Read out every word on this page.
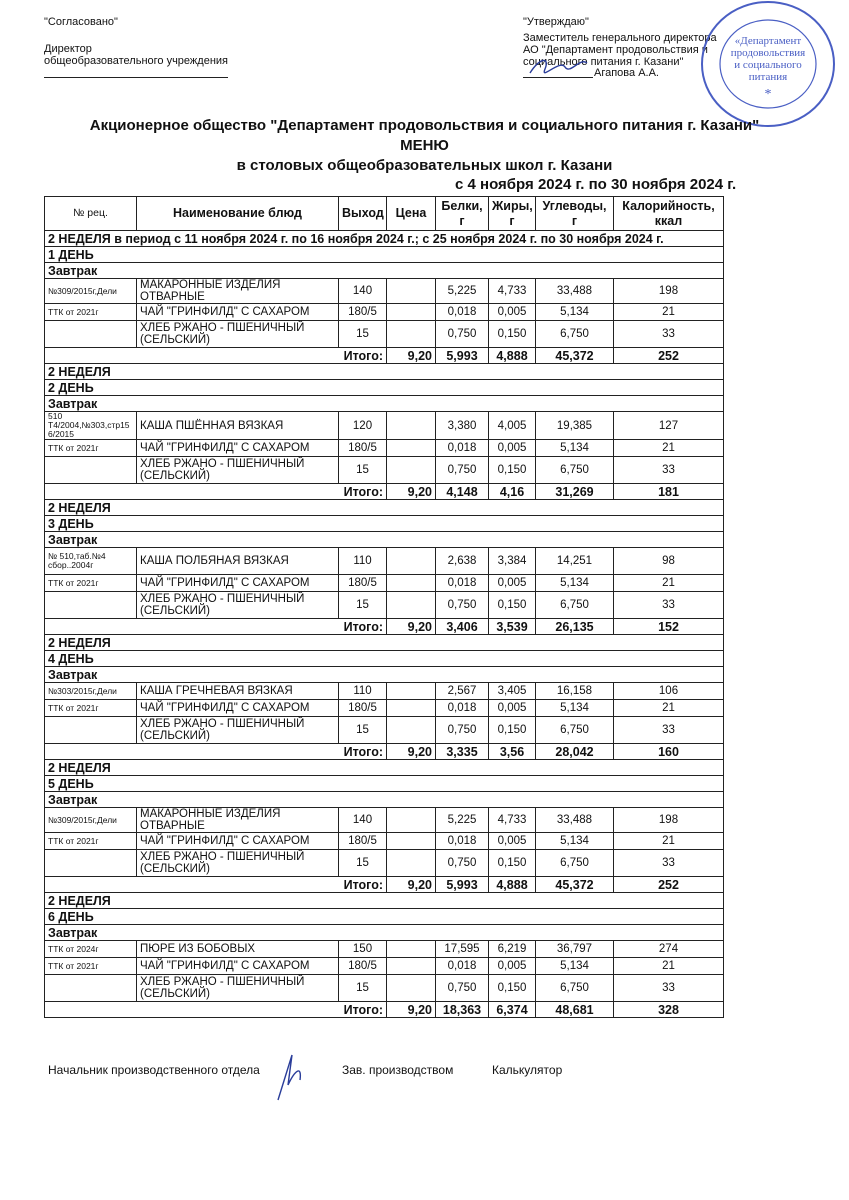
"Согласовано"
Директор
общеобразовательного учреждения
"Утверждаю"
Заместитель генерального директора
АО "Департамент продовольствия и
социального питания г. Казани"
Агапова А.А.
«Департамент
продовольствия
и социального
питания
*
Акционерное общество "Департамент продовольствия и социального питания г. Казани"
МЕНЮ
в столовых общеобразовательных школ г. Казани
с 4 ноября 2024 г. по 30 ноября 2024 г.
№ рец.	Наименование блюд	Выход	Цена	Белки, г	Жиры, г	Углеводы, г	Калорийность, ккал
2 НЕДЕЛЯ в период с 11 ноября 2024 г. по 16 ноября 2024 г.; с 25 ноября 2024 г. по 30 ноября 2024 г.							
1 ДЕНЬ							
Завтрак							
№309/2015г,Дели	МАКАРОННЫЕ ИЗДЕЛИЯ ОТВАРНЫЕ	140		5,225	4,733	33,488	198
ТТК от 2021г	ЧАЙ "ГРИНФИЛД" С САХАРОМ	180/5		0,018	0,005	5,134	21
	ХЛЕБ РЖАНО - ПШЕНИЧНЫЙ (СЕЛЬСКИЙ)	15		0,750	0,150	6,750	33
Итого:			9,20	5,993	4,888	45,372	252
2 НЕДЕЛЯ							
2 ДЕНЬ							
Завтрак							
510 Т4/2004,№303,стр15 6/2015	КАША ПШЁННАЯ ВЯЗКАЯ	120		3,380	4,005	19,385	127
ТТК от 2021г	ЧАЙ "ГРИНФИЛД" С САХАРОМ	180/5		0,018	0,005	5,134	21
	ХЛЕБ РЖАНО - ПШЕНИЧНЫЙ (СЕЛЬСКИЙ)	15		0,750	0,150	6,750	33
Итого:			9,20	4,148	4,16	31,269	181
2 НЕДЕЛЯ							
3 ДЕНЬ							
Завтрак							
№ 510,таб.№4 сбор..2004г	КАША ПОЛБЯНАЯ ВЯЗКАЯ	110		2,638	3,384	14,251	98
ТТК от 2021г	ЧАЙ "ГРИНФИЛД" С САХАРОМ	180/5		0,018	0,005	5,134	21
	ХЛЕБ РЖАНО - ПШЕНИЧНЫЙ (СЕЛЬСКИЙ)	15		0,750	0,150	6,750	33
Итого:			9,20	3,406	3,539	26,135	152
2 НЕДЕЛЯ							
4 ДЕНЬ							
Завтрак							
№303/2015г,Дели	КАША ГРЕЧНЕВАЯ ВЯЗКАЯ	110		2,567	3,405	16,158	106
ТТК от 2021г	ЧАЙ "ГРИНФИЛД" С САХАРОМ	180/5		0,018	0,005	5,134	21
	ХЛЕБ РЖАНО - ПШЕНИЧНЫЙ (СЕЛЬСКИЙ)	15		0,750	0,150	6,750	33
Итого:			9,20	3,335	3,56	28,042	160
2 НЕДЕЛЯ							
5 ДЕНЬ							
Завтрак							
№309/2015г,Дели	МАКАРОННЫЕ ИЗДЕЛИЯ ОТВАРНЫЕ	140		5,225	4,733	33,488	198
ТТК от 2021г	ЧАЙ "ГРИНФИЛД" С САХАРОМ	180/5		0,018	0,005	5,134	21
	ХЛЕБ РЖАНО - ПШЕНИЧНЫЙ (СЕЛЬСКИЙ)	15		0,750	0,150	6,750	33
Итого:			9,20	5,993	4,888	45,372	252
2 НЕДЕЛЯ							
6 ДЕНЬ							
Завтрак							
ТТК от 2024г	ПЮРЕ ИЗ БОБОВЫХ	150		17,595	6,219	36,797	274
ТТК от 2021г	ЧАЙ "ГРИНФИЛД" С САХАРОМ	180/5		0,018	0,005	5,134	21
	ХЛЕБ РЖАНО - ПШЕНИЧНЫЙ (СЕЛЬСКИЙ)	15		0,750	0,150	6,750	33
Итого:			9,20	18,363	6,374	48,681	328
Начальник производственного отдела	Зав. производством	Калькулятор
